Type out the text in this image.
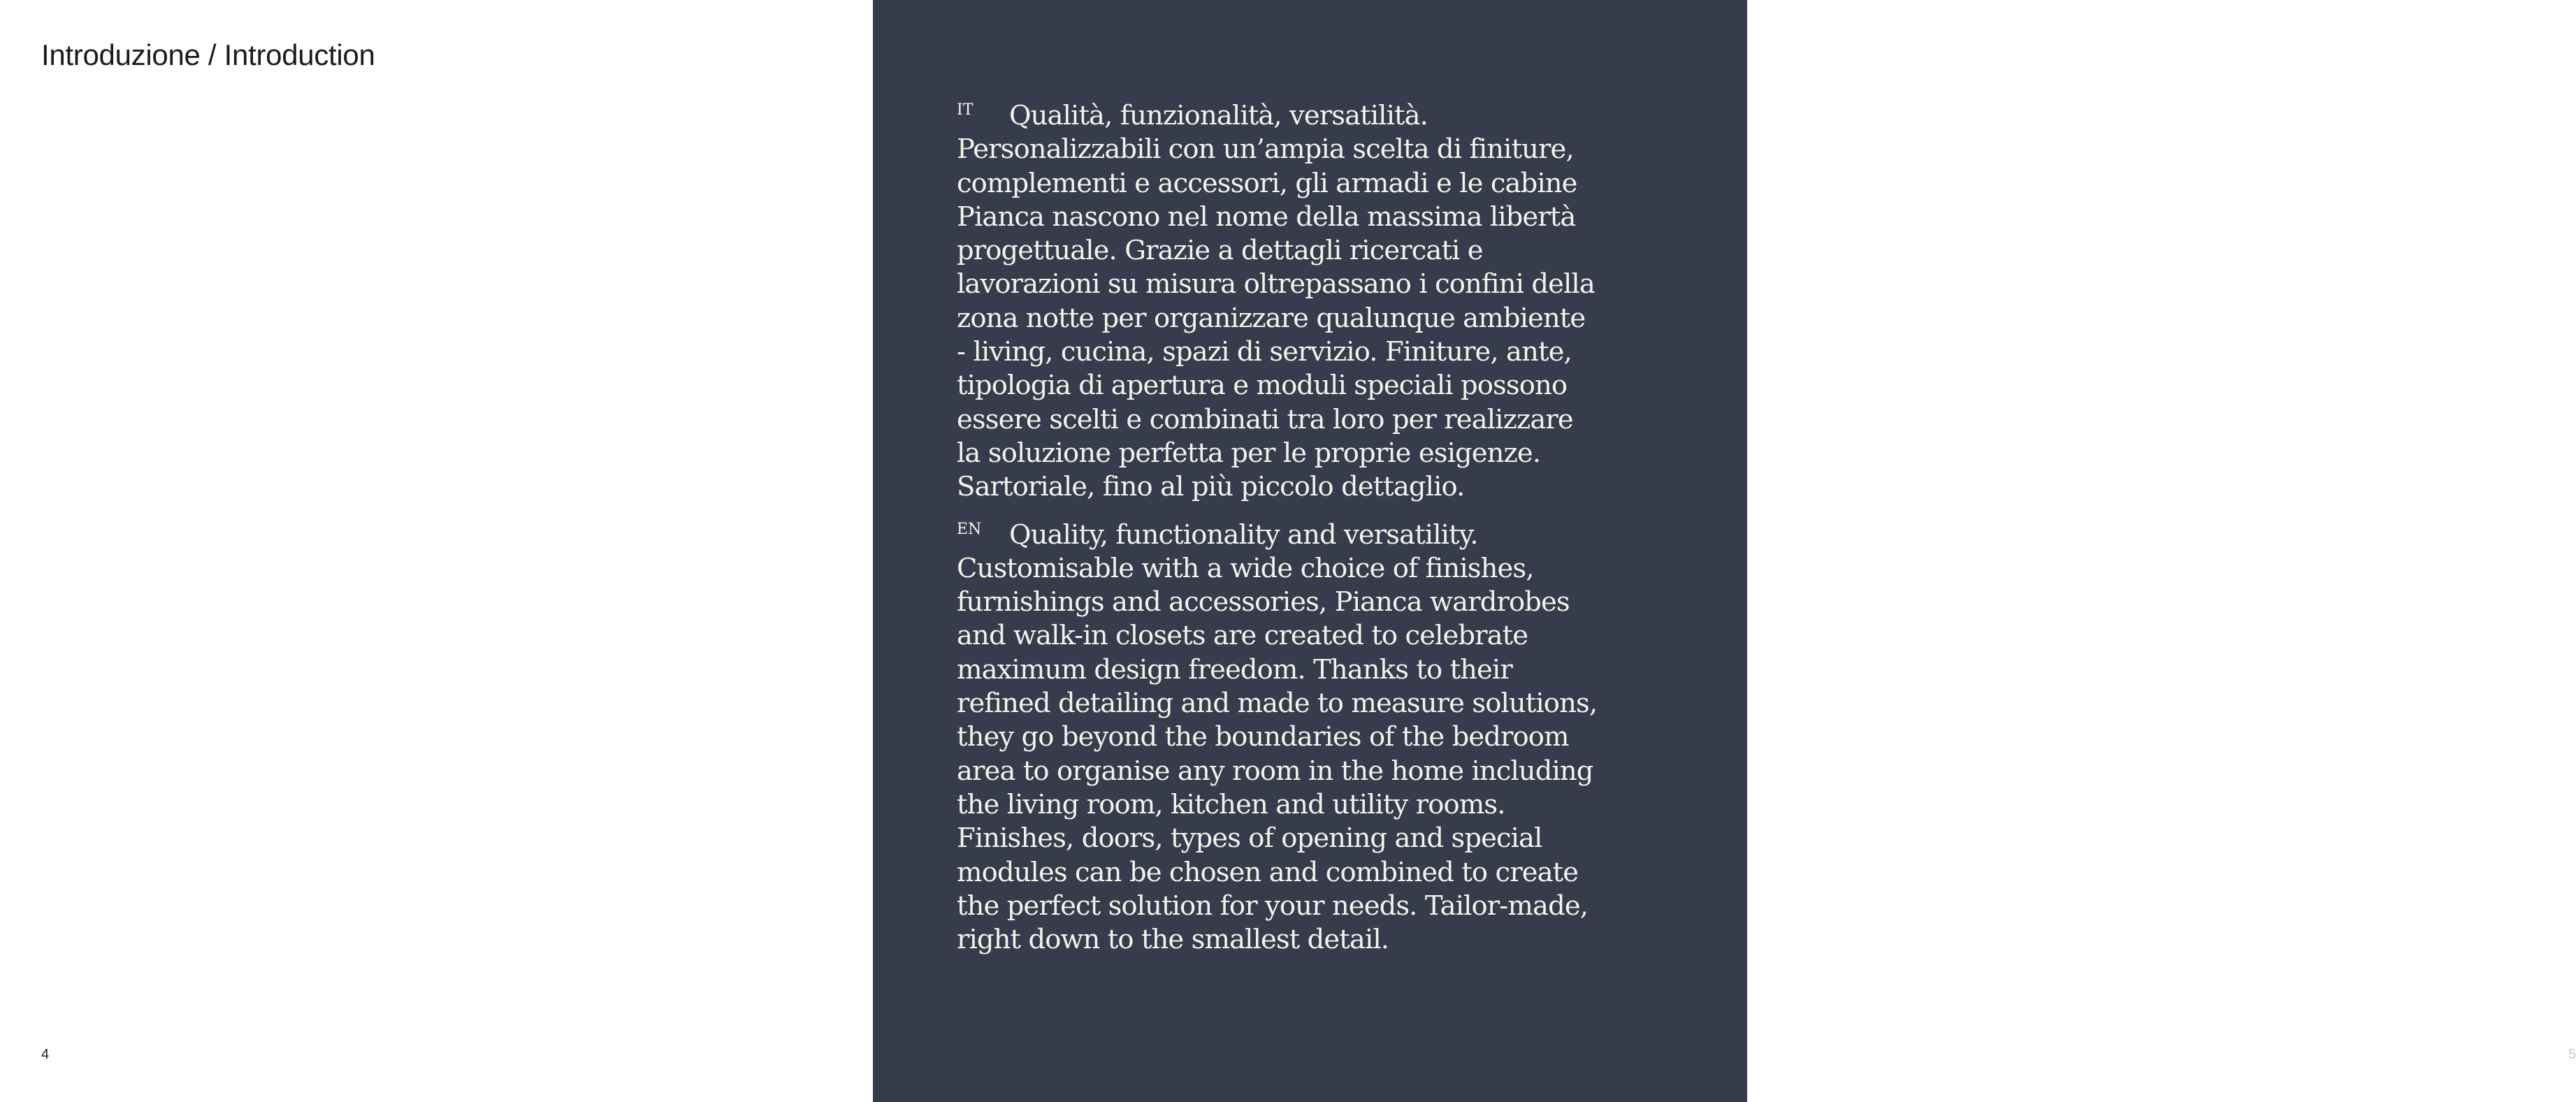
Introduzione / Introduction
4	5

IT Qualità, funzionalità, versatilità.
Personalizzabili con un’ampia scelta di finiture,
complementi e accessori, gli armadi e le cabine
Pianca nascono nel nome della massima libertà
progettuale. Grazie a dettagli ricercati e
lavorazioni su misura oltrepassano i confini della
zona notte per organizzare qualunque ambiente
- living, cucina, spazi di servizio. Finiture, ante,
tipologia di apertura e moduli speciali possono
essere scelti e combinati tra loro per realizzare
la soluzione perfetta per le proprie esigenze.
Sartoriale, fino al più piccolo dettaglio.

EN Quality, functionality and versatility.
Customisable with a wide choice of finishes,
furnishings and accessories, Pianca wardrobes
and walk-in closets are created to celebrate
maximum design freedom. Thanks to their
refined detailing and made to measure solutions,
they go beyond the boundaries of the bedroom
area to organise any room in the home including
the living room, kitchen and utility rooms.
Finishes, doors, types of opening and special
modules can be chosen and combined to create
the perfect solution for your needs. Tailor-made,
right down to the smallest detail.
